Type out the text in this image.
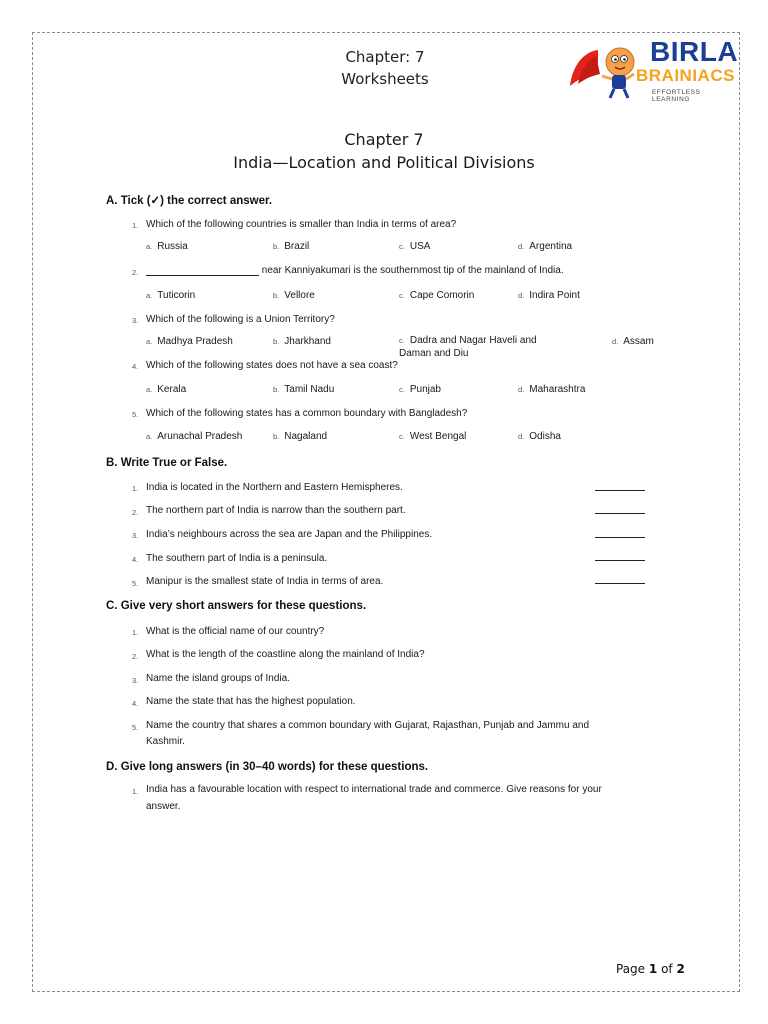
Chapter: 7
Worksheets
BIRLA
BRAINIACS
EFFORTLESS LEARNING
Chapter 7
India—Location and Political Divisions
A. Tick (✓) the correct answer.
1. Which of the following countries is smaller than India in terms of area?
a. Russia	b. Brazil	c. USA	d. Argentina
2.	near Kanniyakumari is the southernmost tip of the mainland of India.
a. Tuticorin	b. Vellore	c. Cape Comorin	d. Indira Point
3. Which of the following is a Union Territory?
a. Madhya Pradesh	b. Jharkhand	c. Dadra and Nagar Haveli and
Daman and Diu
d. Assam
4. Which of the following states does not have a sea coast?
a. Kerala	b. Tamil Nadu	c. Punjab	d. Maharashtra
5. Which of the following states has a common boundary with Bangladesh?
a. Arunachal Pradesh	b. Nagaland	c. West Bengal	d. Odisha
B. Write True or False.
1. India is located in the Northern and Eastern Hemispheres.
2. The northern part of India is narrow than the southern part.
3. India’s neighbours across the sea are Japan and the Philippines.
4. The southern part of India is a peninsula.
5. Manipur is the smallest state of India in terms of area.
C. Give very short answers for these questions.
1. What is the official name of our country?
2. What is the length of the coastline along the mainland of India?
3. Name the island groups of India.
4. Name the state that has the highest population.
5. Name the country that shares a common boundary with Gujarat, Rajasthan, Punjab and Jammu and
Kashmir.
D. Give long answers (in 30–40 words) for these questions.
1. India has a favourable location with respect to international trade and commerce. Give reasons for your
answer.
Page 1 of 2
